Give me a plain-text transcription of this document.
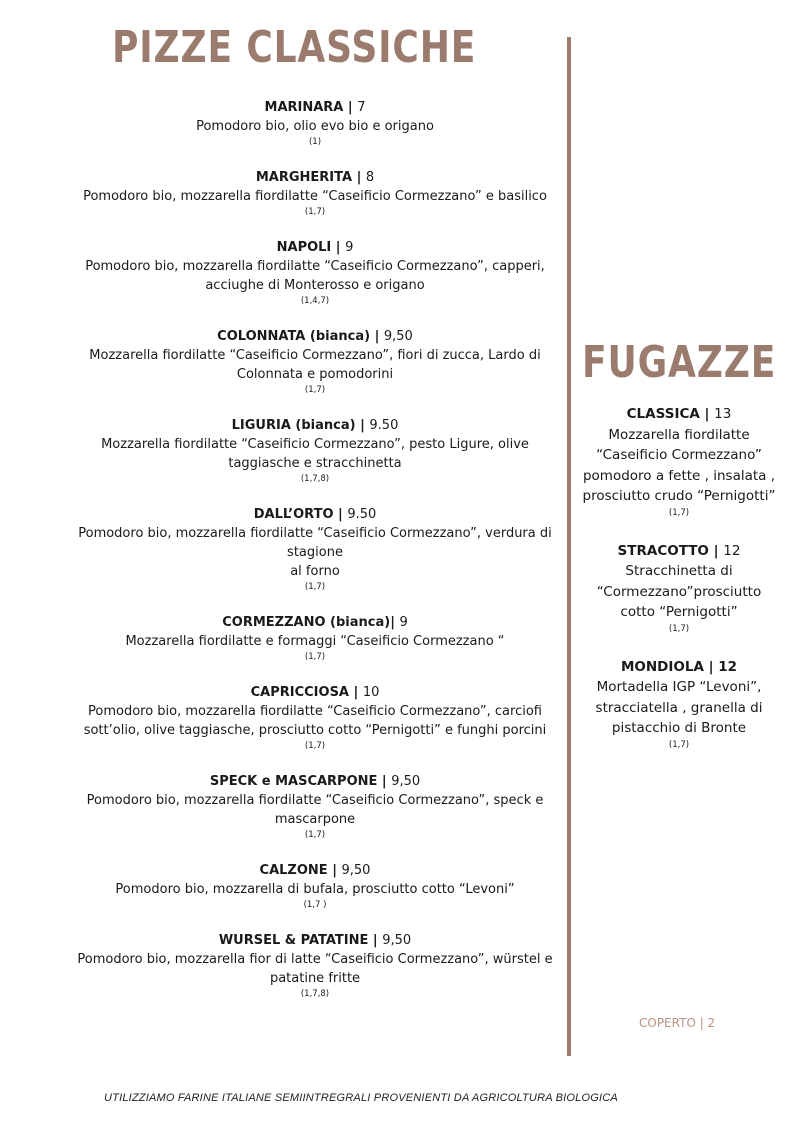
PIZZE CLASSICHE
MARINARA | 7
Pomodoro bio, olio evo bio e origano
(1)
MARGHERITA | 8
Pomodoro bio, mozzarella fiordilatte “Caseificio Cormezzano” e basilico
(1,7)
NAPOLI | 9
Pomodoro bio, mozzarella fiordilatte “Caseificio Cormezzano”, capperi,
acciughe di Monterosso e origano
(1,4,7)
COLONNATA (bianca) | 9,50
Mozzarella fiordilatte “Caseificio Cormezzano”, fiori di zucca, Lardo di
Colonnata e pomodorini
(1,7)
LIGURIA (bianca) | 9.50
Mozzarella fiordilatte “Caseificio Cormezzano”, pesto Ligure, olive
taggiasche e stracchinetta
(1,7,8)
DALL’ORTO | 9.50
Pomodoro bio, mozzarella fiordilatte “Caseificio Cormezzano”, verdura di
stagione
al forno
(1,7)
CORMEZZANO (bianca)| 9
Mozzarella fiordilatte e formaggi “Caseificio Cormezzano “
(1,7)
CAPRICCIOSA | 10
Pomodoro bio, mozzarella fiordilatte “Caseificio Cormezzano”, carciofi
sott’olio, olive taggiasche, prosciutto cotto “Pernigotti” e funghi porcini
(1,7)
SPECK e MASCARPONE | 9,50
Pomodoro bio, mozzarella fiordilatte “Caseificio Cormezzano”, speck e
mascarpone
(1,7)
CALZONE | 9,50
Pomodoro bio, mozzarella di bufala, prosciutto cotto “Levoni”
(1,7 )
WURSEL & PATATINE | 9,50
Pomodoro bio, mozzarella fior di latte “Caseificio Cormezzano”, würstel e
patatine fritte
(1,7,8)
FUGAZZE
CLASSICA | 13
Mozzarella fiordilatte
“Caseificio Cormezzano”
pomodoro a fette , insalata ,
prosciutto crudo “Pernigotti”
(1,7)
STRACOTTO | 12
Stracchinetta di
“Cormezzano”prosciutto
cotto “Pernigotti”
(1,7)
MONDIOLA | 12
Mortadella IGP “Levoni”,
stracciatella , granella di
pistacchio di Bronte
(1,7)
COPERTO | 2
UTILIZZIAMO FARINE ITALIANE SEMIINTREGRALI PROVENIENTI DA AGRICOLTURA BIOLOGICA
